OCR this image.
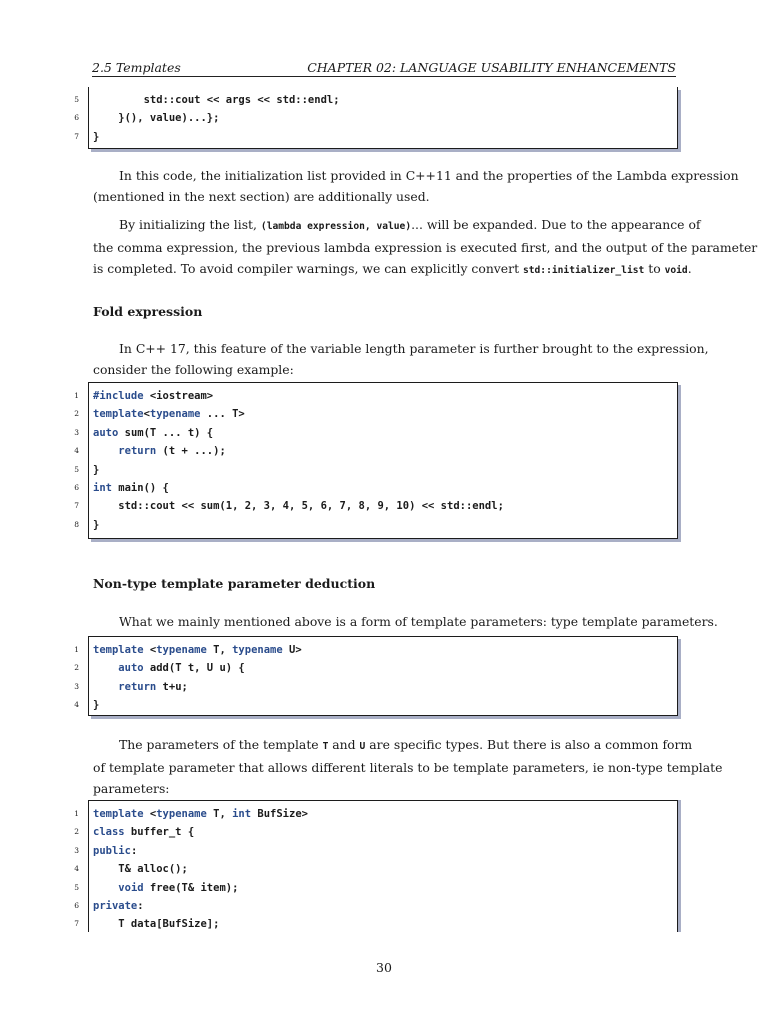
2.5 Templates	CHAPTER 02: LANGUAGE USABILITY ENHANCEMENTS
5 std::cout << args << std::endl;
6 }(), value)...};
7 }
In this code, the initialization list provided in C++11 and the properties of the Lambda expression
(mentioned in the next section) are additionally used.
By initializing the list, (lambda expression, value)... will be expanded. Due to the appearance of
the comma expression, the previous lambda expression is executed first, and the output of the parameter
is completed. To avoid compiler warnings, we can explicitly convert std::initializer_list to void.
Fold expression
In C++ 17, this feature of the variable length parameter is further brought to the expression,
consider the following example:
1 #include <iostream>
2 template<typename ... T>
3 auto sum(T ... t) {
4	return (t + ...);
5 }
6 int main() {
7 std::cout << sum(1, 2, 3, 4, 5, 6, 7, 8, 9, 10) << std::endl;
8 }
Non-type template parameter deduction
What we mainly mentioned above is a form of template parameters: type template parameters.
1 template <typename T, typename U>
2	auto add(T t, U u) {
3	return t+u;
4 }
The parameters of the template T and U are specific types. But there is also a common form
of template parameter that allows different literals to be template parameters, ie non-type template
parameters:
1 template <typename T, int BufSize>
2 class buffer_t {
3 public:
4 T& alloc();
5	void free(T& item);
6 private:
7 T data[BufSize];
30
